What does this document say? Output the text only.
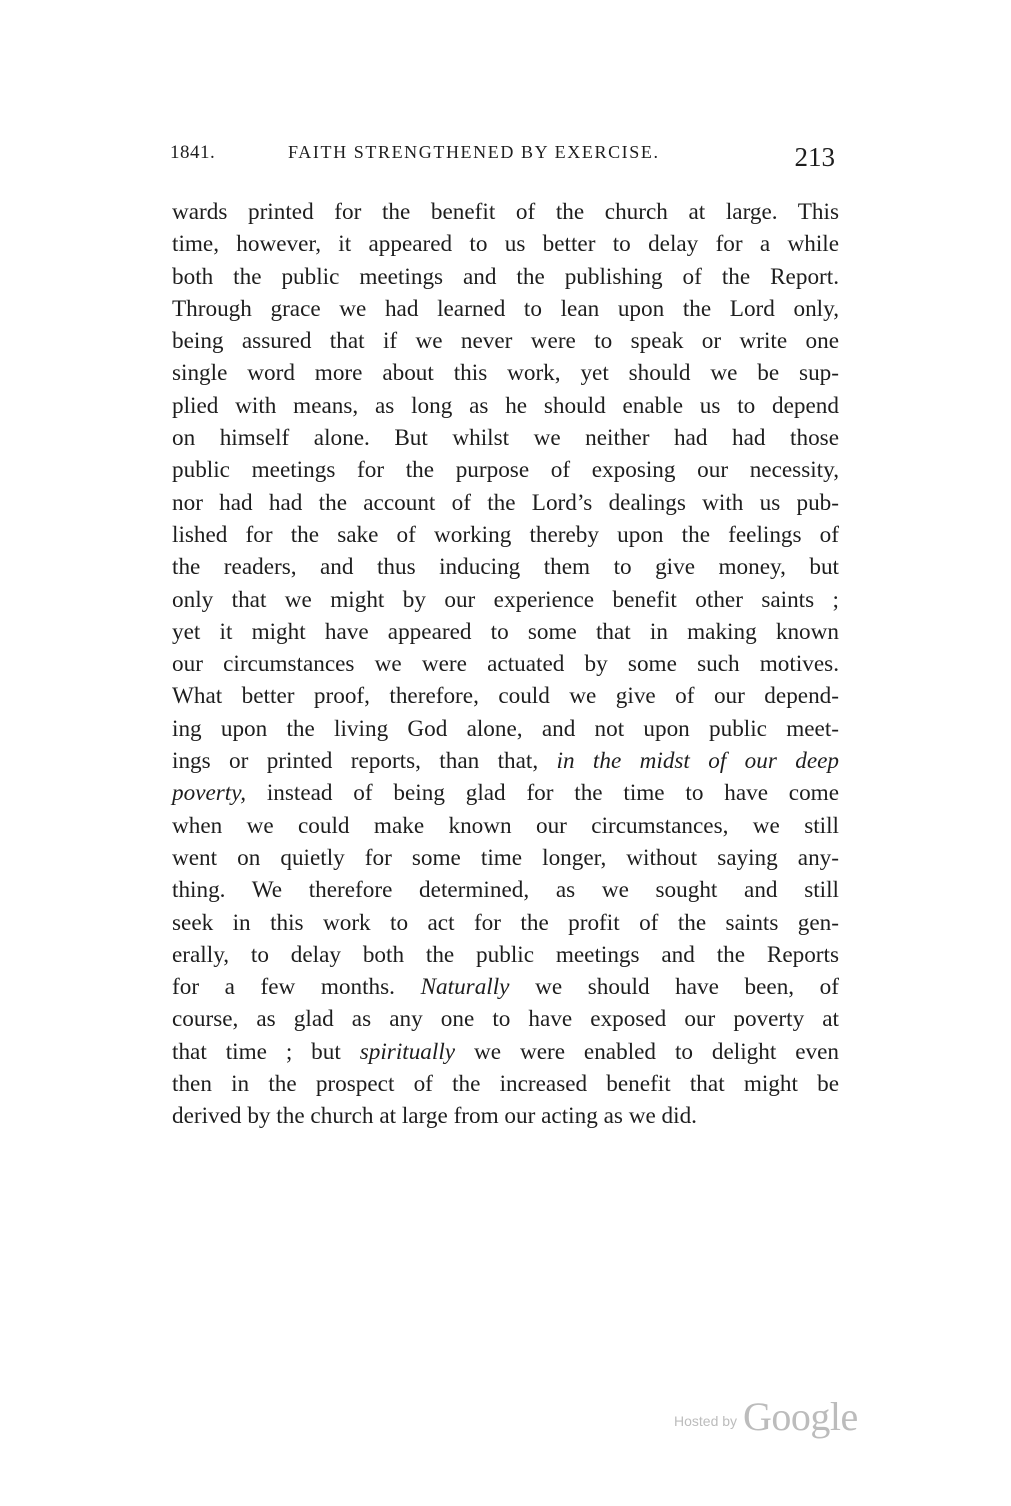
1841.	FAITH STRENGTHENED BY EXERCISE.	213

wards printed for the benefit of the church at large. This
time, however, it appeared to us better to delay for a while
both the public meetings and the publishing of the Report.
Through grace we had learned to lean upon the Lord only,
being assured that if we never were to speak or write one
single word more about this work, yet should we be sup-
plied with means, as long as he should enable us to depend
on himself alone. But whilst we neither had had those
public meetings for the purpose of exposing our necessity,
nor had had the account of the Lord’s dealings with us pub-
lished for the sake of working thereby upon the feelings of
the readers, and thus inducing them to give money, but
only that we might by our experience benefit other saints ;
yet it might have appeared to some that in making known
our circumstances we were actuated by some such motives.
What better proof, therefore, could we give of our depend-
ing upon the living God alone, and not upon public meet-
ings or printed reports, than that, in the midst of our deep
poverty, instead of being glad for the time to have come
when we could make known our circumstances, we still
went on quietly for some time longer, without saying any-
thing. We therefore determined, as we sought and still
seek in this work to act for the profit of the saints gen-
erally, to delay both the public meetings and the Reports
for a few months. Naturally we should have been, of
course, as glad as any one to have exposed our poverty at
that time ; but spiritually we were enabled to delight even
then in the prospect of the increased benefit that might be
derived by the church at large from our acting as we did.

Hosted by Google
